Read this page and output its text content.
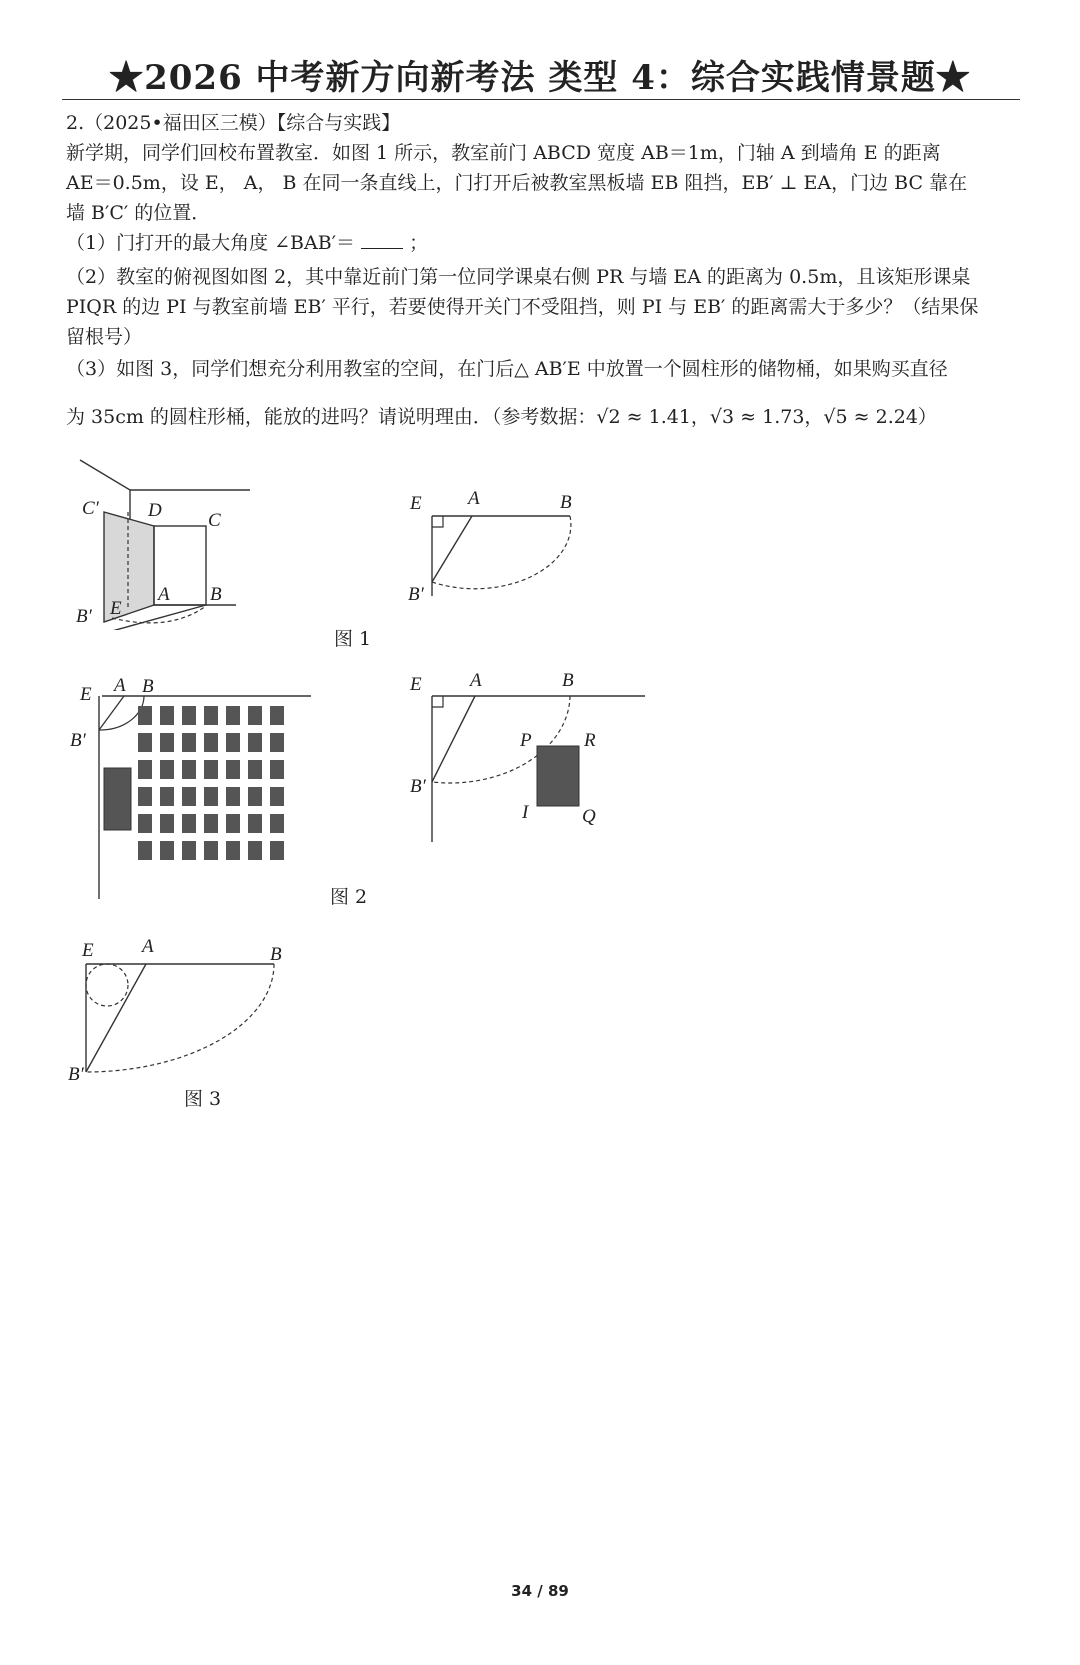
★2026 中考新方向新考法 类型 4：综合实践情景题★
2.（2025•福田区三模）【综合与实践】
新学期，同学们回校布置教室．如图 1 所示，教室前门 ABCD 宽度 AB＝1m，门轴 A 到墙角 E 的距离
AE＝0.5m，设 E， A， B 在同一条直线上，门打开后被教室黑板墙 EB 阻挡，EB′ ⊥ EA，门边 BC 靠在
墙 B′C′ 的位置．
（1）门打开的最大角度 ∠BAB′＝	；
（2）教室的俯视图如图 2，其中靠近前门第一位同学课桌右侧 PR 与墙 EA 的距离为 0.5m，且该矩形课桌
PIQR 的边 PI 与教室前墙 EB′ 平行，若要使得开关门不受阻挡，则 PI 与 EB′ 的距离需大于多少？（结果保
留根号）
（3）如图 3，同学们想充分利用教室的空间，在门后△ AB′E 中放置一个圆柱形的储物桶，如果购买直径
为 35cm 的圆柱形桶，能放的进吗？请说明理由．（参考数据：√2 ≈ 1.41，√3 ≈ 1.73，√5 ≈ 2.24）
C′	D C
B′ E
A B
E A	B
B′
图 1
E A B
B′
E	A	B
P	R
I	Q
B′
图 2
E	A	B
B′
图 3
34 / 89
